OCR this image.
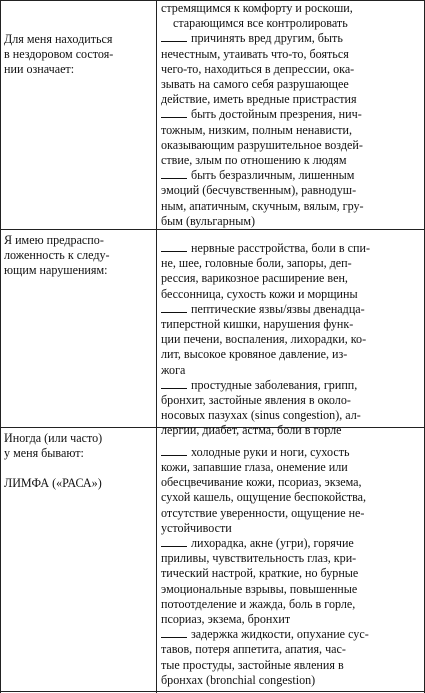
Для меня находиться
в нездоровом состоя-
нии означает:
Я имею предраспо-
ложенность к следу-
ющим нарушениям:
Иногда (или часто)
у меня бывают:
ЛИМФА («РАСА»)
стремящимся к комфорту и роскоши,
старающимся все контролировать
причинять вред другим, быть
нечестным, утаивать что-то, бояться
чего-то, находиться в депрессии, ока-
зывать на самого себя разрушающее
действие, иметь вредные пристрастия
быть достойным презрения, нич-
тожным, низким, полным ненависти,
оказывающим разрушительное воздей-
ствие, злым по отношению к людям
быть безразличным, лишенным
эмоций (бесчувственным), равнодуш-
ным, апатичным, скучным, вялым, гру-
бым (вульгарным)
нервные расстройства, боли в спи-
не, шее, головные боли, запоры, деп-
рессия, варикозное расширение вен,
бессонница, сухость кожи и морщины
пептические язвы/язвы двенадца-
типерстной кишки, нарушения функ-
ции печени, воспаления, лихорадки, ко-
лит, высокое кровяное давление, из-
жога
простудные заболевания, грипп,
бронхит, застойные явления в около-
носовых пазухах (sinus congestion), ал-
лергии, диабет, астма, боли в горле
холодные руки и ноги, сухость
кожи, запавшие глаза, онемение или
обесцвечивание кожи, псориаз, экзема,
сухой кашель, ощущение беспокойства,
отсутствие уверенности, ощущение не-
устойчивости
лихорадка, акне (угри), горячие
приливы, чувствительность глаз, кри-
тический настрой, краткие, но бурные
эмоциональные взрывы, повышенные
потоотделение и жажда, боль в горле,
псориаз, экзема, бронхит
задержка жидкости, опухание сус-
тавов, потеря аппетита, апатия, час-
тые простуды, застойные явления в
бронхах (bronchial congestion)
